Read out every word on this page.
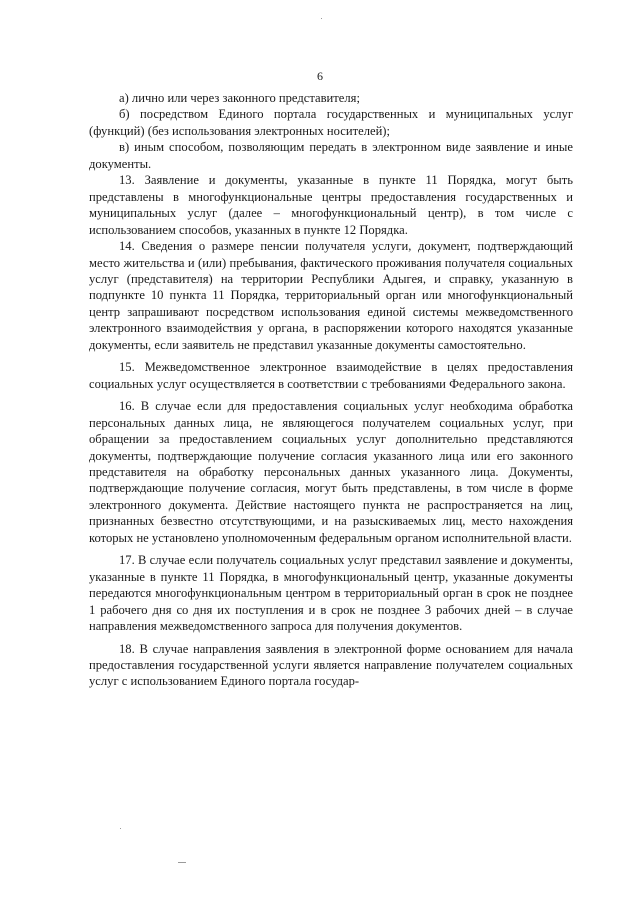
6

а) лично или через законного представителя;

б) посредством Единого портала государственных и муниципальных услуг (функций) (без использования электронных носителей);

в) иным способом, позволяющим передать в электронном виде заявление и иные документы.

13. Заявление и документы, указанные в пункте 11 Порядка, могут быть представлены в многофункциональные центры предоставления государственных и муниципальных услуг (далее – многофункциональный центр), в том числе с использованием способов, указанных в пункте 12 Порядка.

14. Сведения о размере пенсии получателя услуги, документ, подтверждающий место жительства и (или) пребывания, фактического проживания получателя социальных услуг (представителя) на территории Республики Адыгея, и справку, указанную в подпункте 10 пункта 11 Порядка, территориальный орган или многофункциональный центр запрашивают посредством использования единой системы межведомственного электронного взаимодействия у органа, в распоряжении которого находятся указанные документы, если заявитель не представил указанные документы самостоятельно.

15. Межведомственное электронное взаимодействие в целях предоставления социальных услуг осуществляется в соответствии с требованиями Федерального закона.

16. В случае если для предоставления социальных услуг необходима обработка персональных данных лица, не являющегося получателем социальных услуг, при обращении за предоставлением социальных услуг дополнительно представляются документы, подтверждающие получение согласия указанного лица или его законного представителя на обработку персональных данных указанного лица. Документы, подтверждающие получение согласия, могут быть представлены, в том числе в форме электронного документа. Действие настоящего пункта не распространяется на лиц, признанных безвестно отсутствующими, и на разыскиваемых лиц, место нахождения которых не установлено уполномоченным федеральным органом исполнительной власти.

17. В случае если получатель социальных услуг представил заявление и документы, указанные в пункте 11 Порядка, в многофункциональный центр, указанные документы передаются многофункциональным центром в территориальный орган в срок не позднее 1 рабочего дня со дня их поступления и в срок не позднее 3 рабочих дней – в случае направления межведомственного запроса для получения документов.

18. В случае направления заявления в электронной форме основанием для начала предоставления государственной услуги является направление получателем социальных услуг с использованием Единого портала государ-
